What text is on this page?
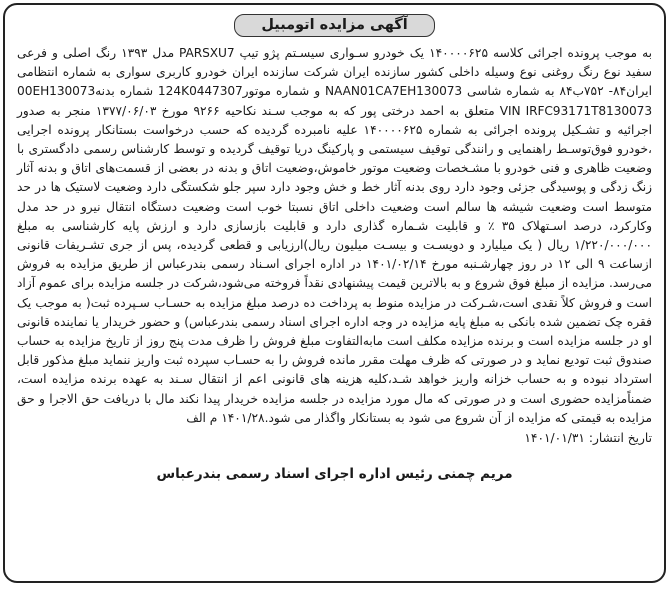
آگهی مزایده اتومبیل
به موجب پرونده اجرائی کلاسه ۱۴۰۰۰۰۶۲۵ یک خودرو سـواری سیسـتم پژو تیپ PARSXU7 مدل ۱۳۹۳ رنگ اصلی و فرعی سفید نوع رنگ روغنی نوع وسیله داخلی کشور سازنده ایران شرکت سازنده ایران خودرو کاربری سواری به شماره انتظامی ایران۸۴- ۷۵۲ب۸۴ به شماره شاسی NAAN01CA7EH130073 و شماره موتور124K0447307 شماره بدنه00EH130073 VIN IRFC93171T8130073 متعلق به احمد درختی پور که به موجب سـند نکاحیه ۹۲۶۶ مورخ ۱۳۷۷/۰۶/۰۳ منجر به صدور اجرائیه و تشـکیل پرونده اجرائی به شماره ۱۴۰۰۰۰۶۲۵ علیه نامبرده گردیده که حسب درخواست بستانکار پرونده اجرایی ،خودرو فوق‌توسـط راهنمایی و رانندگی توقیف سیستمی و پارکینگ دریا توقیف گردیده و توسط کارشناس رسمی دادگستری با وضعیت ظاهری و فنی خودرو با مشـخصات وضعیت موتور خاموش،وضعیت اتاق و بدنه در بعضی از قسمت‌های اتاق و بدنه آثار زنگ زدگی و پوسیدگی جزئی وجود دارد روی بدنه آثار خط و خش وجود دارد سپر جلو شکستگی دارد وضعیت لاستیک ها در حد متوسط است وضعیت شیشه ها سالم است وضعیت داخلی اتاق نسبتا خوب است وضعیت دستگاه انتقال نیرو در حد مدل وکارکرد، درصد اسـتهلاک ۳۵ ٪ و قابلیت شـماره گذاری دارد و قابلیت بازسازی دارد و ارزش پایه کارشناسی به مبلغ ۱/۲۲۰/۰۰۰/۰۰۰ ریال ( یک میلیارد و دویسـت و بیسـت میلیون ریال)ارزیابی و قطعی گردیده، پس از جری تشـریفات قانونی ازساعت ۹ الی ۱۲ در روز چهارشـنبه مورخ ۱۴۰۱/۰۲/۱۴ در اداره اجرای اسـناد رسمی بندرعباس از طریق مزایده به فروش می‌رسد. مزایده از مبلغ فوق شروع و به بالاترین قیمت پیشنهادی نقداً فروخته می‌شود،شرکت در جلسه مزایده برای عموم آزاد است و فروش کلاً نقدی است،شـرکت در مزایده منوط به پرداخت ده درصد مبلغ مزایده به حسـاب سـپرده ثبت( به موجب یک فقره چک تضمین شده بانکی به مبلغ پایه مزایده در وجه اداره اجرای اسناد رسمی بندرعباس) و حضور خریدار یا نماینده قانونی او در جلسه مزایده است و برنده مزایده مکلف است مابه‌التفاوت مبلغ فروش را ظرف مدت پنج روز از تاریخ مزایده به حساب صندوق ثبت تودیع نماید و در صورتی که ظرف مهلت مقرر مانده فروش را به حسـاب سپرده ثبت واریز ننماید مبلغ مذکور قابل استرداد نبوده و به حساب خزانه واریز خواهد شـد،کلیه هزینه های قانونی اعم از انتقال سـند به عهده برنده مزایده است، ضمناًمزایده حضوری است و در صورتی که مال مورد مزایده در جلسه مزایده خریدار پیدا نکند مال با دریافت حق الاجرا و حق مزایده به قیمتی که مزایده از آن شروع می شود به بستانکار واگذار می شود.۱۴۰۱/۲۸ م الف
تاریخ انتشار: ۱۴۰۱/۰۱/۳۱
مریم چمنی رئیس اداره اجرای اسناد رسمی بندرعباس
